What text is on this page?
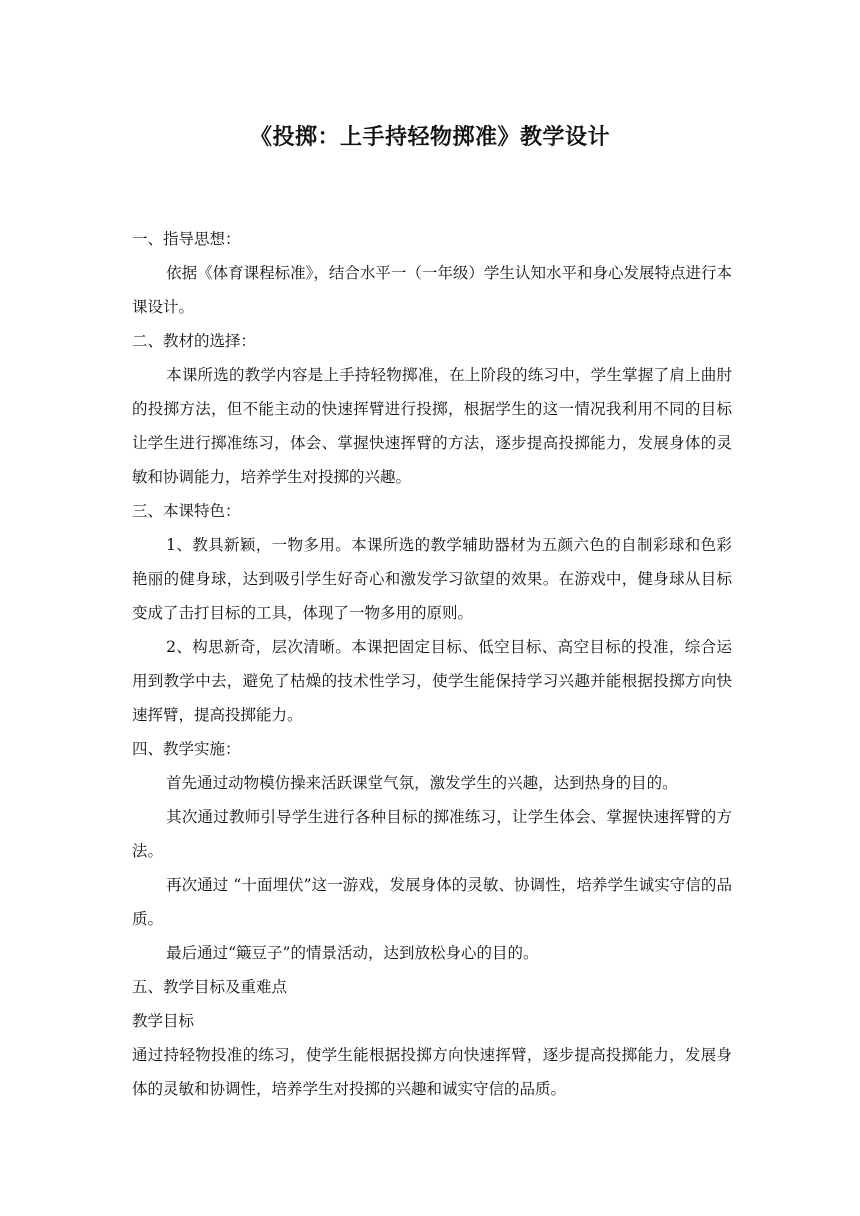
《投掷：上手持轻物掷准》教学设计

一、指导思想：

依据《体育课程标准》，结合水平一（一年级）学生认知水平和身心发展特点进行本课设计。

二、教材的选择：

本课所选的教学内容是上手持轻物掷准，在上阶段的练习中，学生掌握了肩上曲肘的投掷方法，但不能主动的快速挥臂进行投掷，根据学生的这一情况我利用不同的目标让学生进行掷准练习，体会、掌握快速挥臂的方法，逐步提高投掷能力，发展身体的灵敏和协调能力，培养学生对投掷的兴趣。

三、本课特色：

1、教具新颖，一物多用。本课所选的教学辅助器材为五颜六色的自制彩球和色彩艳丽的健身球，达到吸引学生好奇心和激发学习欲望的效果。在游戏中，健身球从目标变成了击打目标的工具，体现了一物多用的原则。

2、构思新奇，层次清晰。本课把固定目标、低空目标、高空目标的投准，综合运用到教学中去，避免了枯燥的技术性学习，使学生能保持学习兴趣并能根据投掷方向快速挥臂，提高投掷能力。

四、教学实施：

首先通过动物模仿操来活跃课堂气氛，激发学生的兴趣，达到热身的目的。

其次通过教师引导学生进行各种目标的掷准练习，让学生体会、掌握快速挥臂的方法。

再次通过 “十面埋伏”这一游戏，发展身体的灵敏、协调性，培养学生诚实守信的品质。

最后通过“簸豆子”的情景活动，达到放松身心的目的。

五、教学目标及重难点

教学目标

通过持轻物投准的练习，使学生能根据投掷方向快速挥臂，逐步提高投掷能力，发展身体的灵敏和协调性，培养学生对投掷的兴趣和诚实守信的品质。
